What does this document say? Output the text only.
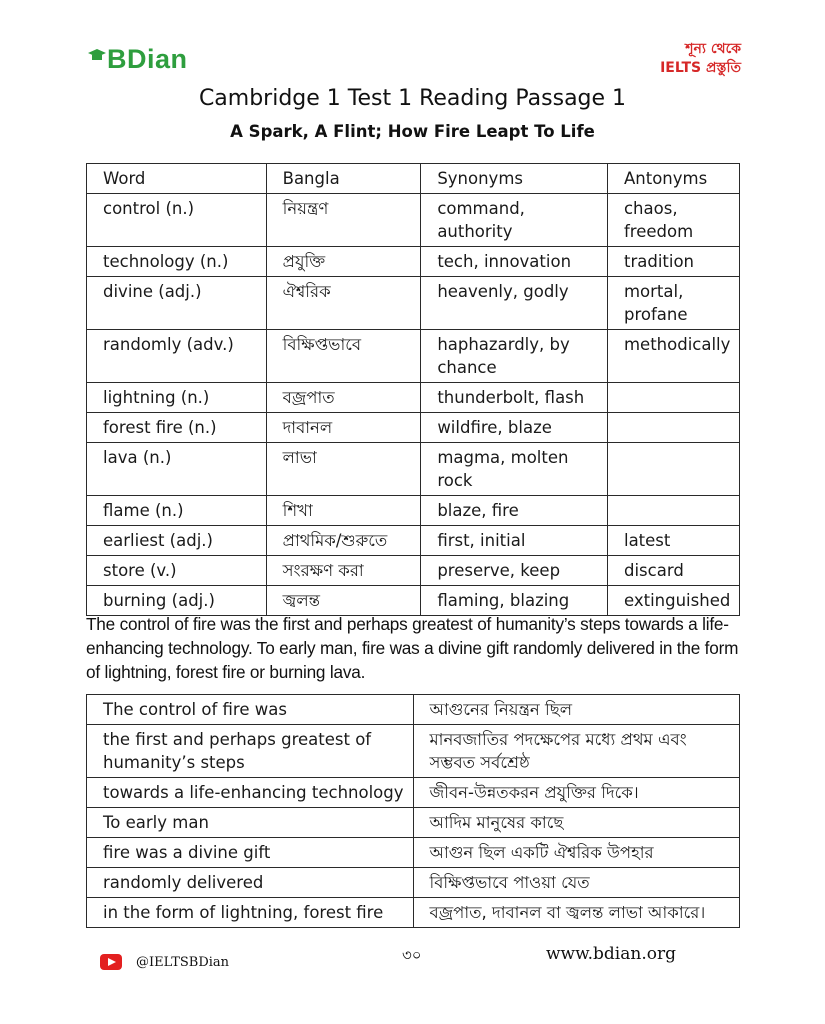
BDian	শূন্য থেকে
IELTS প্রস্তুতি
Cambridge 1 Test 1 Reading Passage 1
A Spark, A Flint; How Fire Leapt To Life
Word	Bangla	Synonyms	Antonyms
control (n.)	নিয়ন্ত্রণ	command, authority	chaos, freedom
technology (n.)	প্রযুক্তি	tech, innovation	tradition
divine (adj.)	ঐশ্বরিক	heavenly, godly	mortal, profane
randomly (adv.)	বিক্ষিপ্তভাবে	haphazardly, by chance	methodically
lightning (n.)	বজ্রপাত	thunderbolt, flash	
forest fire (n.)	দাবানল	wildfire, blaze	
lava (n.)	লাভা	magma, molten rock	
flame (n.)	শিখা	blaze, fire	
earliest (adj.)	প্রাথমিক/শুরুতে	first, initial	latest
store (v.)	সংরক্ষণ করা	preserve, keep	discard
burning (adj.)	জ্বলন্ত	flaming, blazing	extinguished
The control of fire was the first and perhaps greatest of humanity’s steps towards a life-enhancing technology. To early man, fire was a divine gift randomly delivered in the form of lightning, forest fire or burning lava.
The control of fire was	আগুনের নিয়ন্ত্রন ছিল
the first and perhaps greatest of humanity’s steps	মানবজাতির পদক্ষেপের মধ্যে প্রথম এবং সম্ভবত সর্বশ্রেষ্ঠ
towards a life-enhancing technology	জীবন-উন্নতকরন প্রযুক্তির দিকে।
To early man	আদিম মানুষের কাছে
fire was a divine gift	আগুন ছিল একটি ঐশ্বরিক উপহার
randomly delivered	বিক্ষিপ্তভাবে পাওয়া যেত
in the form of lightning, forest fire	বজ্রপাত, দাবানল বা জ্বলন্ত লাভা আকারে।
@IELTSBDian	৩০	www.bdian.org
